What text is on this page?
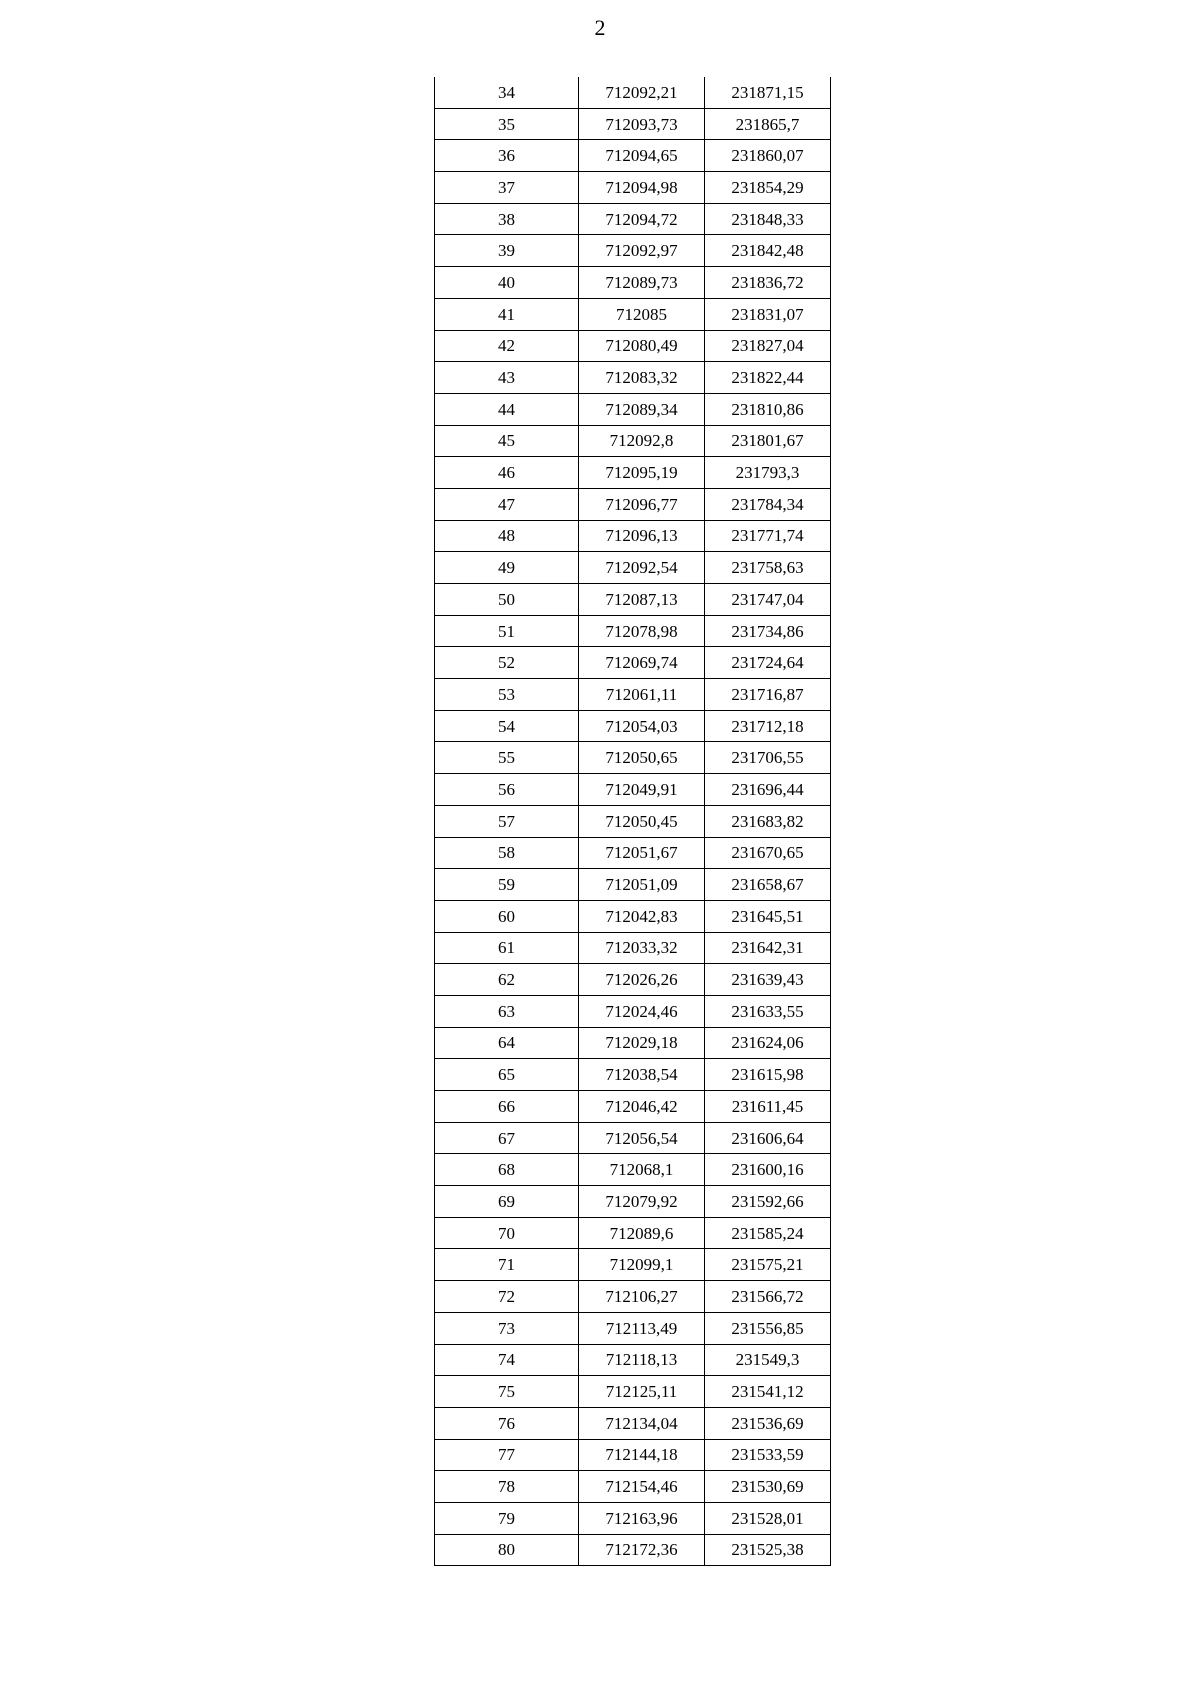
2
34	712092,21	231871,15
35	712093,73	231865,7
36	712094,65	231860,07
37	712094,98	231854,29
38	712094,72	231848,33
39	712092,97	231842,48
40	712089,73	231836,72
41	712085	231831,07
42	712080,49	231827,04
43	712083,32	231822,44
44	712089,34	231810,86
45	712092,8	231801,67
46	712095,19	231793,3
47	712096,77	231784,34
48	712096,13	231771,74
49	712092,54	231758,63
50	712087,13	231747,04
51	712078,98	231734,86
52	712069,74	231724,64
53	712061,11	231716,87
54	712054,03	231712,18
55	712050,65	231706,55
56	712049,91	231696,44
57	712050,45	231683,82
58	712051,67	231670,65
59	712051,09	231658,67
60	712042,83	231645,51
61	712033,32	231642,31
62	712026,26	231639,43
63	712024,46	231633,55
64	712029,18	231624,06
65	712038,54	231615,98
66	712046,42	231611,45
67	712056,54	231606,64
68	712068,1	231600,16
69	712079,92	231592,66
70	712089,6	231585,24
71	712099,1	231575,21
72	712106,27	231566,72
73	712113,49	231556,85
74	712118,13	231549,3
75	712125,11	231541,12
76	712134,04	231536,69
77	712144,18	231533,59
78	712154,46	231530,69
79	712163,96	231528,01
80	712172,36	231525,38
